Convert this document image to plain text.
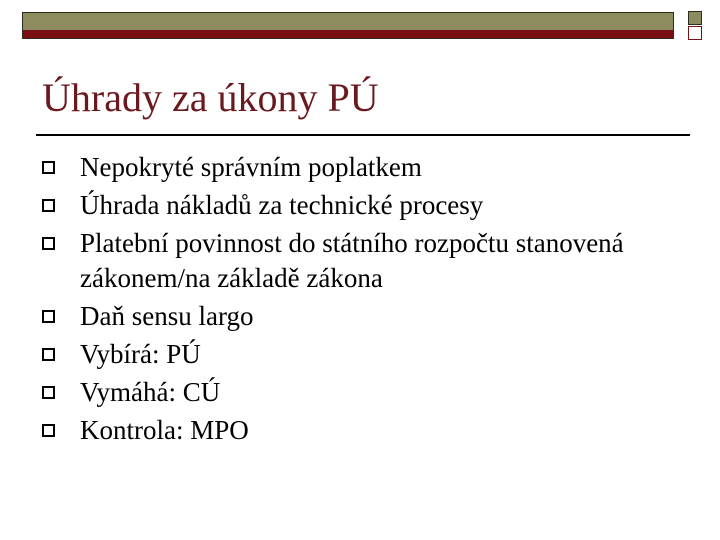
Úhrady za úkony PÚ
Nepokryté správním poplatkem
Úhrada nákladů za technické procesy
Platební povinnost do státního rozpočtu stanovená zákonem/na základě zákona
Daň sensu largo
Vybírá: PÚ
Vymáhá: CÚ
Kontrola: MPO
